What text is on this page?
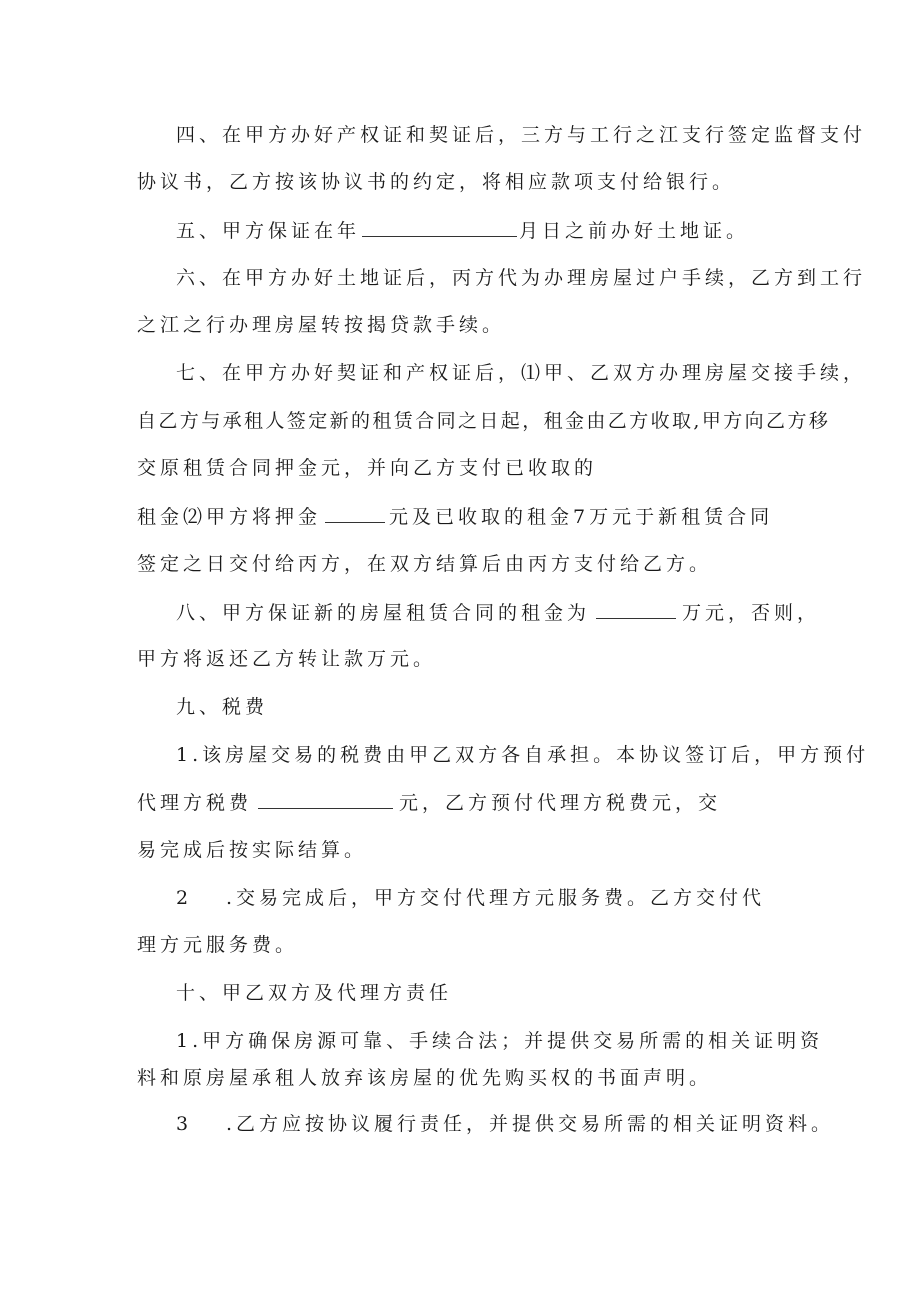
四、在甲方办好产权证和契证后，三方与工行之江支行签定监督支付
协议书，乙方按该协议书的约定，将相应款项支付给银行。
五、甲方保证在年	月日之前办好土地证。
六、在甲方办好土地证后，丙方代为办理房屋过户手续，乙方到工行
之江之行办理房屋转按揭贷款手续。
七、在甲方办好契证和产权证后，⑴甲、乙双方办理房屋交接手续，
自乙方与承租人签定新的租赁合同之日起，租金由乙方收取,甲方向乙方移
交原租赁合同押金元，并向乙方支付已收取的
租金⑵甲方将押金	元及已收取的租金7万元于新租赁合同
签定之日交付给丙方，在双方结算后由丙方支付给乙方。
八、甲方保证新的房屋租赁合同的租金为	万元，否则，
甲方将返还乙方转让款万元。
九、税费
1.该房屋交易的税费由甲乙双方各自承担。本协议签订后，甲方预付
代理方税费	元，乙方预付代理方税费元，交
易完成后按实际结算。
2 .交易完成后，甲方交付代理方元服务费。乙方交付代
理方元服务费。
十、甲乙双方及代理方责任
1.甲方确保房源可靠、手续合法；并提供交易所需的相关证明资
料和原房屋承租人放弃该房屋的优先购买权的书面声明。
3 .乙方应按协议履行责任，并提供交易所需的相关证明资料。
